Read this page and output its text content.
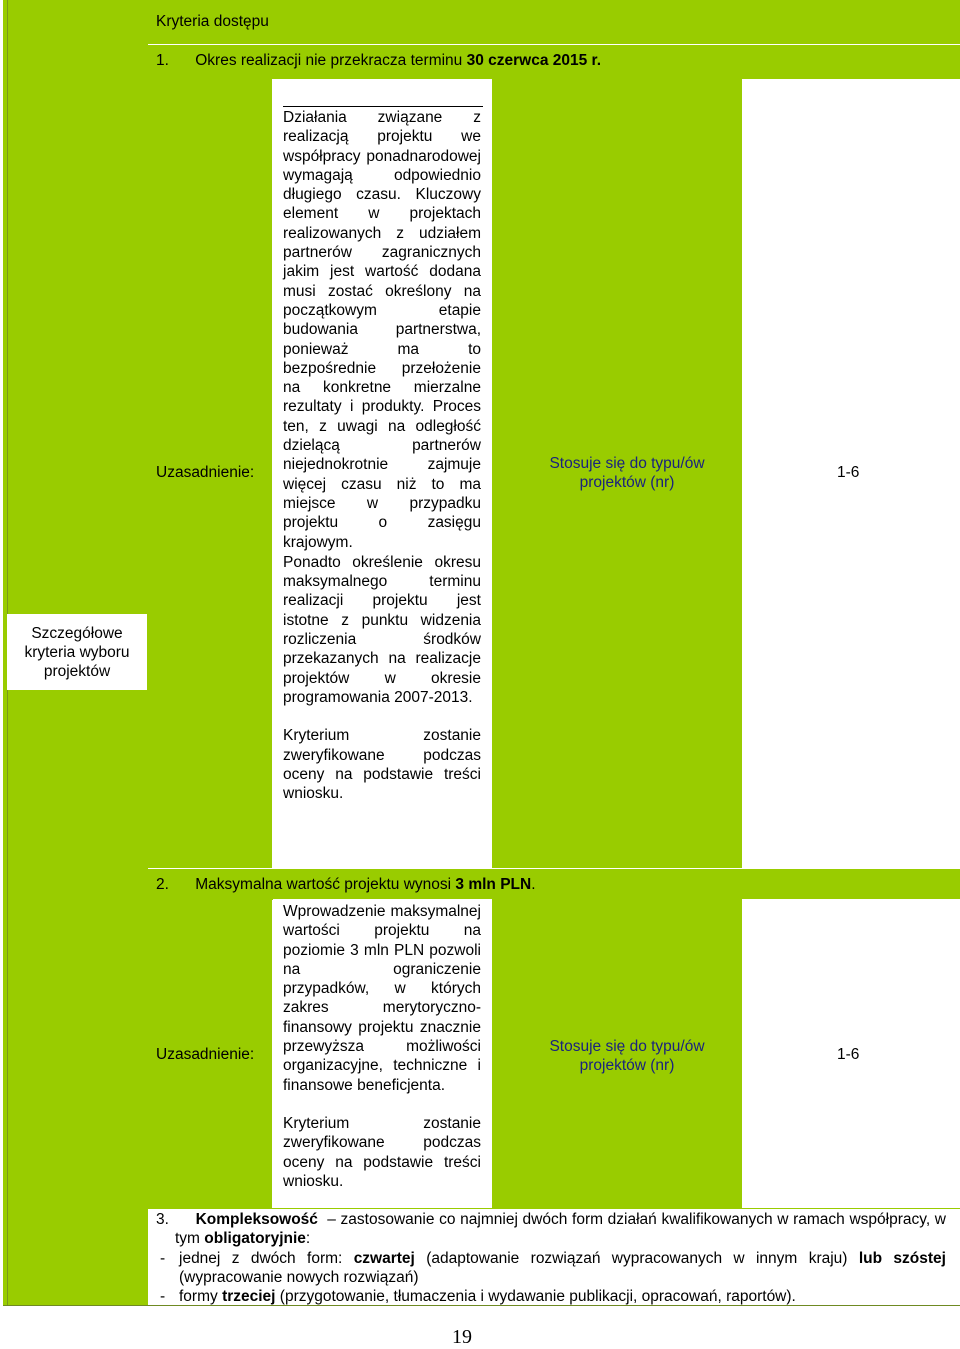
Szczegółowe kryteria wyboru projektów
Kryteria dostępu
1. Okres realizacji nie przekracza terminu 30 czerwca 2015 r.
Uzasadnienie:

Działania związane z realizacją projektu we współpracy ponadnarodowej wymagają odpowiednio długiego czasu. Kluczowy element w projektach realizowanych z udziałem partnerów zagranicznych jakim jest wartość dodana musi zostać określony na początkowym etapie budowania partnerstwa, ponieważ ma to bezpośrednie przełożenie na konkretne mierzalne rezultaty i produkty. Proces ten, z uwagi na odległość dzielącą partnerów niejednokrotnie zajmuje więcej czasu niż to ma miejsce w przypadku projektu o zasięgu krajowym.

Ponadto określenie okresu maksymalnego terminu realizacji projektu jest istotne z punktu widzenia rozliczenia środków przekazanych na realizacje projektów w okresie programowania 2007-2013.

Kryterium zostanie zweryfikowane podczas oceny na podstawie treści wniosku.

Stosuje się do typu/ów projektów (nr)
1-6
2. Maksymalna wartość projektu wynosi 3 mln PLN.
Uzasadnienie:

Wprowadzenie maksymalnej wartości projektu na poziomie 3 mln PLN pozwoli na ograniczenie przypadków, w których zakres merytoryczno-finansowy projektu znacznie przewyższa możliwości organizacyjne, techniczne i finansowe beneficjenta.

Kryterium zostanie zweryfikowane podczas oceny na podstawie treści wniosku.

Stosuje się do typu/ów projektów (nr)
1-6
3. Kompleksowość  – zastosowanie co najmniej dwóch form działań kwalifikowanych w ramach współpracy, w tym obligatoryjnie:
- jednej z dwóch form: czwartej (adaptowanie rozwiązań wypracowanych w innym kraju) lub szóstej (wypracowanie nowych rozwiązań)
- formy trzeciej (przygotowanie, tłumaczenia i wydawanie publikacji, opracowań, raportów).
19
